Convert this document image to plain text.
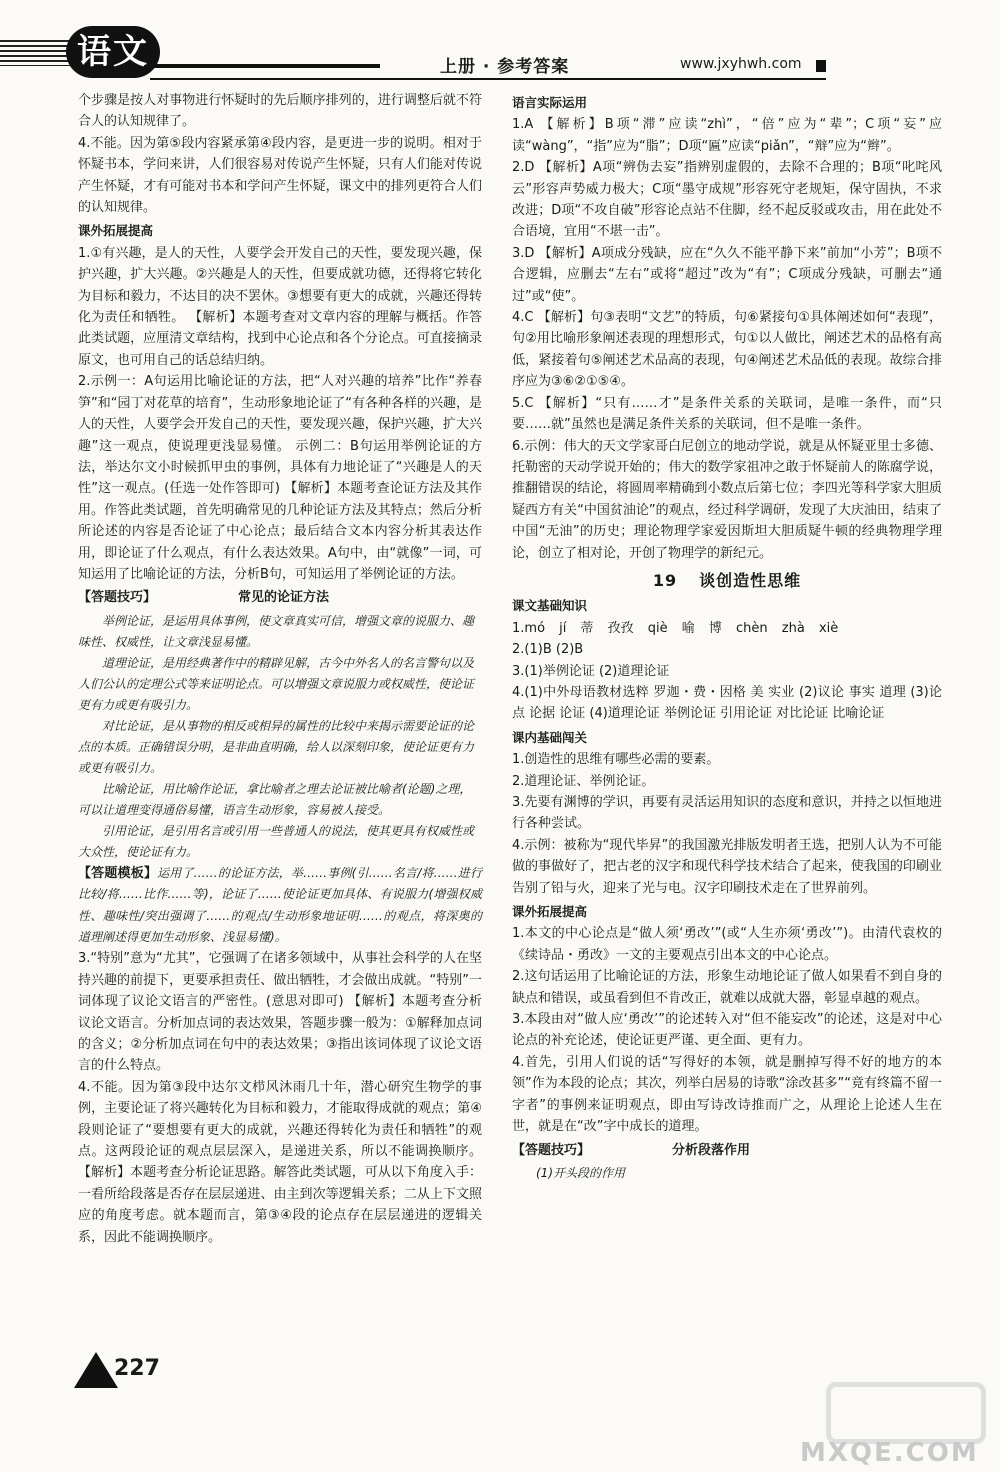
语文	上册 · 参考答案	www.jxyhwh.com

个步骤是按人对事物进行怀疑时的先后顺序排列的，进行调整后就不符合人的认知规律了。

4.不能。因为第⑤段内容紧承第④段内容，是更进一步的说明。相对于怀疑书本，学问来讲，人们很容易对传说产生怀疑，只有人们能对传说产生怀疑，才有可能对书本和学问产生怀疑，课文中的排列更符合人们的认知规律。

课外拓展提高

1.①有兴趣，是人的天性，人要学会开发自己的天性，要发现兴趣，保护兴趣，扩大兴趣。②兴趣是人的天性，但要成就功德，还得将它转化为目标和毅力，不达目的决不罢休。③想要有更大的成就，兴趣还得转化为责任和牺牲。 【解析】本题考查对文章内容的理解与概括。作答此类试题，应厘清文章结构，找到中心论点和各个分论点。可直接摘录原文，也可用自己的话总结归纳。

2.示例一：A句运用比喻论证的方法，把“人对兴趣的培养”比作“养春笋”和“园丁对花草的培育”，生动形象地论证了“有各种各样的兴趣，是人的天性，人要学会开发自己的天性，要发现兴趣，保护兴趣，扩大兴趣”这一观点，使说理更浅显易懂。 示例二：B句运用举例论证的方法，举达尔文小时候抓甲虫的事例，具体有力地论证了“兴趣是人的天性”这一观点。(任选一处作答即可) 【解析】本题考查论证方法及其作用。作答此类试题，首先明确常见的几种论证方法及其特点；然后分析所论述的内容是否论证了中心论点；最后结合文本内容分析其表达作用，即论证了什么观点，有什么表达效果。A句中，由“就像”一词，可知运用了比喻论证的方法，分析B句，可知运用了举例论证的方法。

【答题技巧】	常见的论证方法

举例论证，是运用具体事例，使文章真实可信，增强文章的说服力、趣味性、权威性，让文章浅显易懂。

道理论证，是用经典著作中的精辟见解，古今中外名人的名言警句以及人们公认的定理公式等来证明论点。可以增强文章说服力或权威性，使论证更有力或更有吸引力。

对比论证，是从事物的相反或相异的属性的比较中来揭示需要论证的论点的本质。正确错误分明，是非曲直明确，给人以深刻印象，使论证更有力或更有吸引力。

比喻论证，用比喻作论证，拿比喻者之理去论证被比喻者(论题)之理，可以让道理变得通俗易懂，语言生动形象，容易被人接受。

引用论证，是引用名言或引用一些普通人的说法，使其更具有权威性或大众性，使论证有力。

【答题模板】运用了……的论证方法，举……事例(引……名言/将……进行比较/将……比作……等)，论证了……使论证更加具体、有说服力(增强权威性、趣味性/突出强调了……的观点/生动形象地证明……的观点，将深奥的道理阐述得更加生动形象、浅显易懂)。

3.“特别”意为“尤其”，它强调了在诸多领域中，从事社会科学的人在坚持兴趣的前提下，更要承担责任、做出牺牲，才会做出成就。“特别”一词体现了议论文语言的严密性。(意思对即可) 【解析】本题考查分析议论文语言。分析加点词的表达效果，答题步骤一般为：①解释加点词的含义；②分析加点词在句中的表达效果；③指出该词体现了议论文语言的什么特点。

4.不能。因为第③段中达尔文栉风沐雨几十年，潜心研究生物学的事例，主要论证了将兴趣转化为目标和毅力，才能取得成就的观点；第④段则论证了“要想要有更大的成就，兴趣还得转化为责任和牺牲”的观点。这两段论证的观点层层深入，是递进关系，所以不能调换顺序。 【解析】本题考查分析论证思路。解答此类试题，可从以下角度入手：一看所给段落是否存在层层递进、由主到次等逻辑关系；二从上下文照应的角度考虑。就本题而言，第③④段的论点存在层层递进的逻辑关系，因此不能调换顺序。

语言实际运用

1.A 【解析】B项“滞”应读“zhì”，“倍”应为“辈”；C项“妄”应读“wàng”，“指”应为“脂”；D项“匾”应读“piǎn”，“辩”应为“辫”。

2.D 【解析】A项“辨伪去妄”指辨别虚假的，去除不合理的；B项“叱咤风云”形容声势威力极大；C项“墨守成规”形容死守老规矩，保守固执，不求改进；D项“不攻自破”形容论点站不住脚，经不起反驳或攻击，用在此处不合语境，宜用“不堪一击”。

3.D 【解析】A项成分残缺，应在“久久不能平静下来”前加“小芳”；B项不合逻辑，应删去“左右”或将“超过”改为“有”；C项成分残缺，可删去“通过”或“使”。

4.C 【解析】句③表明“文艺”的特质，句⑥紧接句①具体阐述如何“表现”，句②用比喻形象阐述表现的理想形式，句①以人做比，阐述艺术的品格有高低，紧接着句⑤阐述艺术品高的表现，句④阐述艺术品低的表现。故综合排序应为③⑥②①⑤④。

5.C 【解析】“只有……才”是条件关系的关联词，是唯一条件，而“只要……就”虽然也是满足条件关系的关联词，但不是唯一条件。

6.示例：伟大的天文学家哥白尼创立的地动学说，就是从怀疑亚里士多德、托勒密的天动学说开始的；伟大的数学家祖冲之敢于怀疑前人的陈腐学说，推翻错误的结论，将圆周率精确到小数点后第七位；李四光等科学家大胆质疑西方有关“中国贫油论”的观点，经过科学调研，发现了大庆油田，结束了中国“无油”的历史；理论物理学家爱因斯坦大胆质疑牛顿的经典物理学理论，创立了相对论，开创了物理学的新纪元。

19 谈创造性思维

课文基础知识

1.mó jí 蒂 孜孜 qiè 喻 博 chèn zhà xiè

2.(1)B (2)B

3.(1)举例论证 (2)道理论证

4.(1)中外母语教材选粹 罗迦・费・因格 美 实业 (2)议论 事实 道理 (3)论点 论据 论证 (4)道理论证 举例论证 引用论证 对比论证 比喻论证

课内基础闯关

1.创造性的思维有哪些必需的要素。

2.道理论证、举例论证。

3.先要有渊博的学识，再要有灵活运用知识的态度和意识，并持之以恒地进行各种尝试。

4.示例：被称为“现代毕昇”的我国激光排版发明者王选，把别人认为不可能做的事做好了，把古老的汉字和现代科学技术结合了起来，使我国的印刷业告别了铅与火，迎来了光与电。汉字印刷技术走在了世界前列。

课外拓展提高

1.本文的中心论点是“做人须‘勇改’”(或“人生亦须‘勇改’”)。由清代袁枚的《续诗品・勇改》一文的主要观点引出本文的中心论点。

2.这句话运用了比喻论证的方法，形象生动地论证了做人如果看不到自身的缺点和错误，或虽看到但不肯改正，就难以成就大器，彰显卓越的观点。

3.本段由对“做人应‘勇改’”的论述转入对“但不能妄改”的论述，这是对中心论点的补充论述，使论证更严谨、更全面、更有力。

4.首先，引用人们说的话“写得好的本领，就是删掉写得不好的地方的本领”作为本段的论点；其次，列举白居易的诗歌“涂改甚多”“竟有终篇不留一字者”的事例来证明观点，即由写诗改诗推而广之，从理论上论述人生在世，就是在“改”字中成长的道理。

【答题技巧】	分析段落作用

(1)开头段的作用

227
MXQE.COM
